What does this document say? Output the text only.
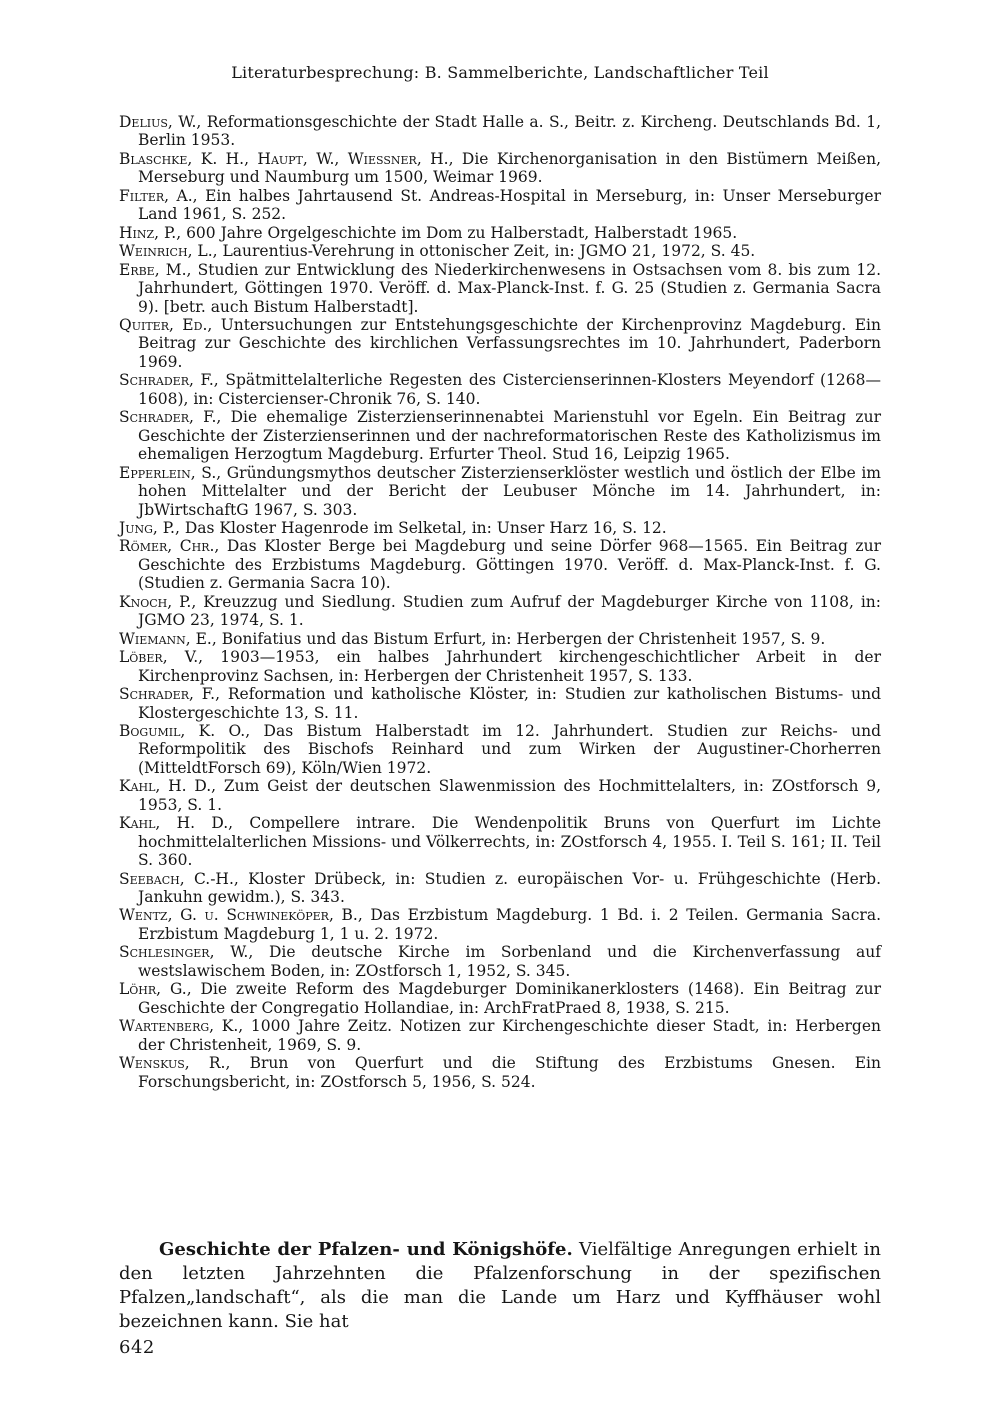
Literaturbesprechung: B. Sammelberichte, Landschaftlicher Teil
Delius, W., Reformationsgeschichte der Stadt Halle a. S., Beitr. z. Kircheng. Deutschlands Bd. 1, Berlin 1953.
Blaschke, K. H., Haupt, W., Wiessner, H., Die Kirchenorganisation in den Bistümern Meißen, Merseburg und Naumburg um 1500, Weimar 1969.
Filter, A., Ein halbes Jahrtausend St. Andreas-Hospital in Merseburg, in: Unser Merseburger Land 1961, S. 252.
Hinz, P., 600 Jahre Orgelgeschichte im Dom zu Halberstadt, Halberstadt 1965.
Weinrich, L., Laurentius-Verehrung in ottonischer Zeit, in: JGMO 21, 1972, S. 45.
Erbe, M., Studien zur Entwicklung des Niederkirchenwesens in Ostsachsen vom 8. bis zum 12. Jahrhundert, Göttingen 1970. Veröff. d. Max-Planck-Inst. f. G. 25 (Studien z. Germania Sacra 9). [betr. auch Bistum Halberstadt].
Quiter, Ed., Untersuchungen zur Entstehungsgeschichte der Kirchenprovinz Magdeburg. Ein Beitrag zur Geschichte des kirchlichen Verfassungsrechtes im 10. Jahrhundert, Paderborn 1969.
Schrader, F., Spätmittelalterliche Regesten des Cistercienserinnen-Klosters Meyendorf (1268—1608), in: Cistercienser-Chronik 76, S. 140.
Schrader, F., Die ehemalige Zisterzienserinnenabtei Marienstuhl vor Egeln. Ein Beitrag zur Geschichte der Zisterzienserinnen und der nachreformatorischen Reste des Katholizismus im ehemaligen Herzogtum Magdeburg. Erfurter Theol. Stud 16, Leipzig 1965.
Epperlein, S., Gründungsmythos deutscher Zisterzienserklöster westlich und östlich der Elbe im hohen Mittelalter und der Bericht der Leubuser Mönche im 14. Jahrhundert, in: JbWirtschaftG 1967, S. 303.
Jung, P., Das Kloster Hagenrode im Selketal, in: Unser Harz 16, S. 12.
Römer, Chr., Das Kloster Berge bei Magdeburg und seine Dörfer 968—1565. Ein Beitrag zur Geschichte des Erzbistums Magdeburg. Göttingen 1970. Veröff. d. Max-Planck-Inst. f. G. (Studien z. Germania Sacra 10).
Knoch, P., Kreuzzug und Siedlung. Studien zum Aufruf der Magdeburger Kirche von 1108, in: JGMO 23, 1974, S. 1.
Wiemann, E., Bonifatius und das Bistum Erfurt, in: Herbergen der Christenheit 1957, S. 9.
Löber, V., 1903—1953, ein halbes Jahrhundert kirchengeschichtlicher Arbeit in der Kirchenprovinz Sachsen, in: Herbergen der Christenheit 1957, S. 133.
Schrader, F., Reformation und katholische Klöster, in: Studien zur katholischen Bistums- und Klostergeschichte 13, S. 11.
Bogumil, K. O., Das Bistum Halberstadt im 12. Jahrhundert. Studien zur Reichs- und Reformpolitik des Bischofs Reinhard und zum Wirken der Augustiner-Chorherren (MitteldtForsch 69), Köln/Wien 1972.
Kahl, H. D., Zum Geist der deutschen Slawenmission des Hochmittelalters, in: ZOstforsch 9, 1953, S. 1.
Kahl, H. D., Compellere intrare. Die Wendenpolitik Bruns von Querfurt im Lichte hochmittelalterlichen Missions- und Völkerrechts, in: ZOstforsch 4, 1955. I. Teil S. 161; II. Teil S. 360.
Seebach, C.-H., Kloster Drübeck, in: Studien z. europäischen Vor- u. Frühgeschichte (Herb. Jankuhn gewidm.), S. 343.
Wentz, G. u. Schwineköper, B., Das Erzbistum Magdeburg. 1 Bd. i. 2 Teilen. Germania Sacra. Erzbistum Magdeburg 1, 1 u. 2. 1972.
Schlesinger, W., Die deutsche Kirche im Sorbenland und die Kirchenverfassung auf westslawischem Boden, in: ZOstforsch 1, 1952, S. 345.
Löhr, G., Die zweite Reform des Magdeburger Dominikanerklosters (1468). Ein Beitrag zur Geschichte der Congregatio Hollandiae, in: ArchFratPraed 8, 1938, S. 215.
Wartenberg, K., 1000 Jahre Zeitz. Notizen zur Kirchengeschichte dieser Stadt, in: Herbergen der Christenheit, 1969, S. 9.
Wenskus, R., Brun von Querfurt und die Stiftung des Erzbistums Gnesen. Ein Forschungsbericht, in: ZOstforsch 5, 1956, S. 524.

Geschichte der Pfalzen- und Königshöfe. Vielfältige Anregungen erhielt in den letzten Jahrzehnten die Pfalzenforschung in der spezifischen Pfalzen„landschaft“, als die man die Lande um Harz und Kyffhäuser wohl bezeichnen kann. Sie hat

642
